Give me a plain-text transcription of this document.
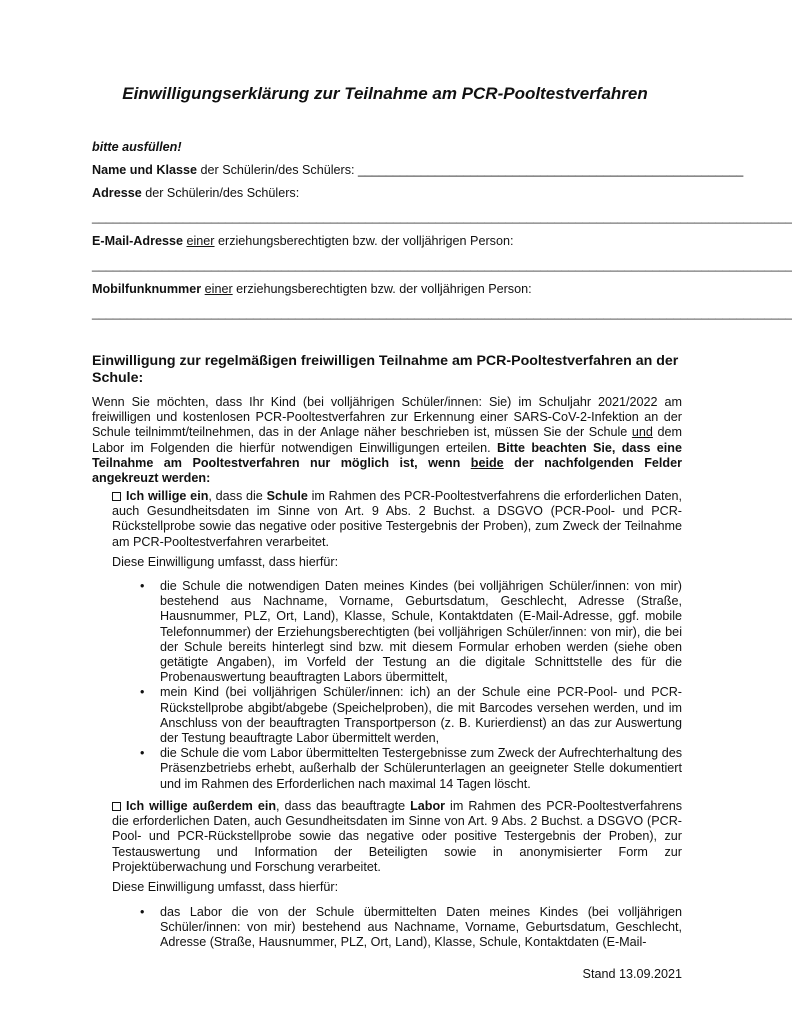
Einwilligungserklärung zur Teilnahme am PCR-Pooltestverfahren
bitte ausfüllen!
Name und Klasse der Schülerin/des Schülers: _______________________________________________________
Adresse der Schülerin/des Schülers:
____________________________________________________________________________________________________
E-Mail-Adresse einer erziehungsberechtigten bzw. der volljährigen Person:
____________________________________________________________________________________________________
Mobilfunknummer einer erziehungsberechtigten bzw. der volljährigen Person:
____________________________________________________________________________________________________
Einwilligung zur regelmäßigen freiwilligen Teilnahme am PCR-Pooltestverfahren an der Schule:
Wenn Sie möchten, dass Ihr Kind (bei volljährigen Schüler/innen: Sie) im Schuljahr 2021/2022 am freiwilligen und kostenlosen PCR-Pooltestverfahren zur Erkennung einer SARS-CoV-2-Infektion an der Schule teilnimmt/teilnehmen, das in der Anlage näher beschrieben ist, müssen Sie der Schule und dem Labor im Folgenden die hierfür notwendigen Einwilligungen erteilen. Bitte beachten Sie, dass eine Teilnahme am Pooltestverfahren nur möglich ist, wenn beide der nachfolgenden Felder angekreuzt werden:
Ich willige ein, dass die Schule im Rahmen des PCR-Pooltestverfahrens die erforderlichen Daten, auch Gesundheitsdaten im Sinne von Art. 9 Abs. 2 Buchst. a DSGVO (PCR-Pool- und PCR-Rückstellprobe sowie das negative oder positive Testergebnis der Proben), zum Zweck der Teilnahme am PCR-Pooltestverfahren verarbeitet.
Diese Einwilligung umfasst, dass hierfür:
• die Schule die notwendigen Daten meines Kindes (bei volljährigen Schüler/innen: von mir) bestehend aus Nachname, Vorname, Geburtsdatum, Geschlecht, Adresse (Straße, Hausnummer, PLZ, Ort, Land), Klasse, Schule, Kontaktdaten (E-Mail-Adresse, ggf. mobile Telefonnummer) der Erziehungsberechtigten (bei volljährigen Schüler/innen: von mir), die bei der Schule bereits hinterlegt sind bzw. mit diesem Formular erhoben werden (siehe oben getätigte Angaben), im Vorfeld der Testung an die digitale Schnittstelle des für die Probenauswertung beauftragten Labors übermittelt,
• mein Kind (bei volljährigen Schüler/innen: ich) an der Schule eine PCR-Pool- und PCR-Rückstellprobe abgibt/abgebe (Speichelproben), die mit Barcodes versehen werden, und im Anschluss von der beauftragten Transportperson (z. B. Kurierdienst) an das zur Auswertung der Testung beauftragte Labor übermittelt werden,
• die Schule die vom Labor übermittelten Testergebnisse zum Zweck der Aufrechterhaltung des Präsenzbetriebs erhebt, außerhalb der Schülerunterlagen an geeigneter Stelle dokumentiert und im Rahmen des Erforderlichen nach maximal 14 Tagen löscht.
Ich willige außerdem ein, dass das beauftragte Labor im Rahmen des PCR-Pooltestverfahrens die erforderlichen Daten, auch Gesundheitsdaten im Sinne von Art. 9 Abs. 2 Buchst. a DSGVO (PCR-Pool- und PCR-Rückstellprobe sowie das negative oder positive Testergebnis der Proben), zur Testauswertung und Information der Beteiligten sowie in anonymisierter Form zur Projektüberwachung und Forschung verarbeitet.
Diese Einwilligung umfasst, dass hierfür:
• das Labor die von der Schule übermittelten Daten meines Kindes (bei volljährigen Schüler/innen: von mir) bestehend aus Nachname, Vorname, Geburtsdatum, Geschlecht, Adresse (Straße, Hausnummer, PLZ, Ort, Land), Klasse, Schule, Kontaktdaten (E-Mail-
Stand 13.09.2021
